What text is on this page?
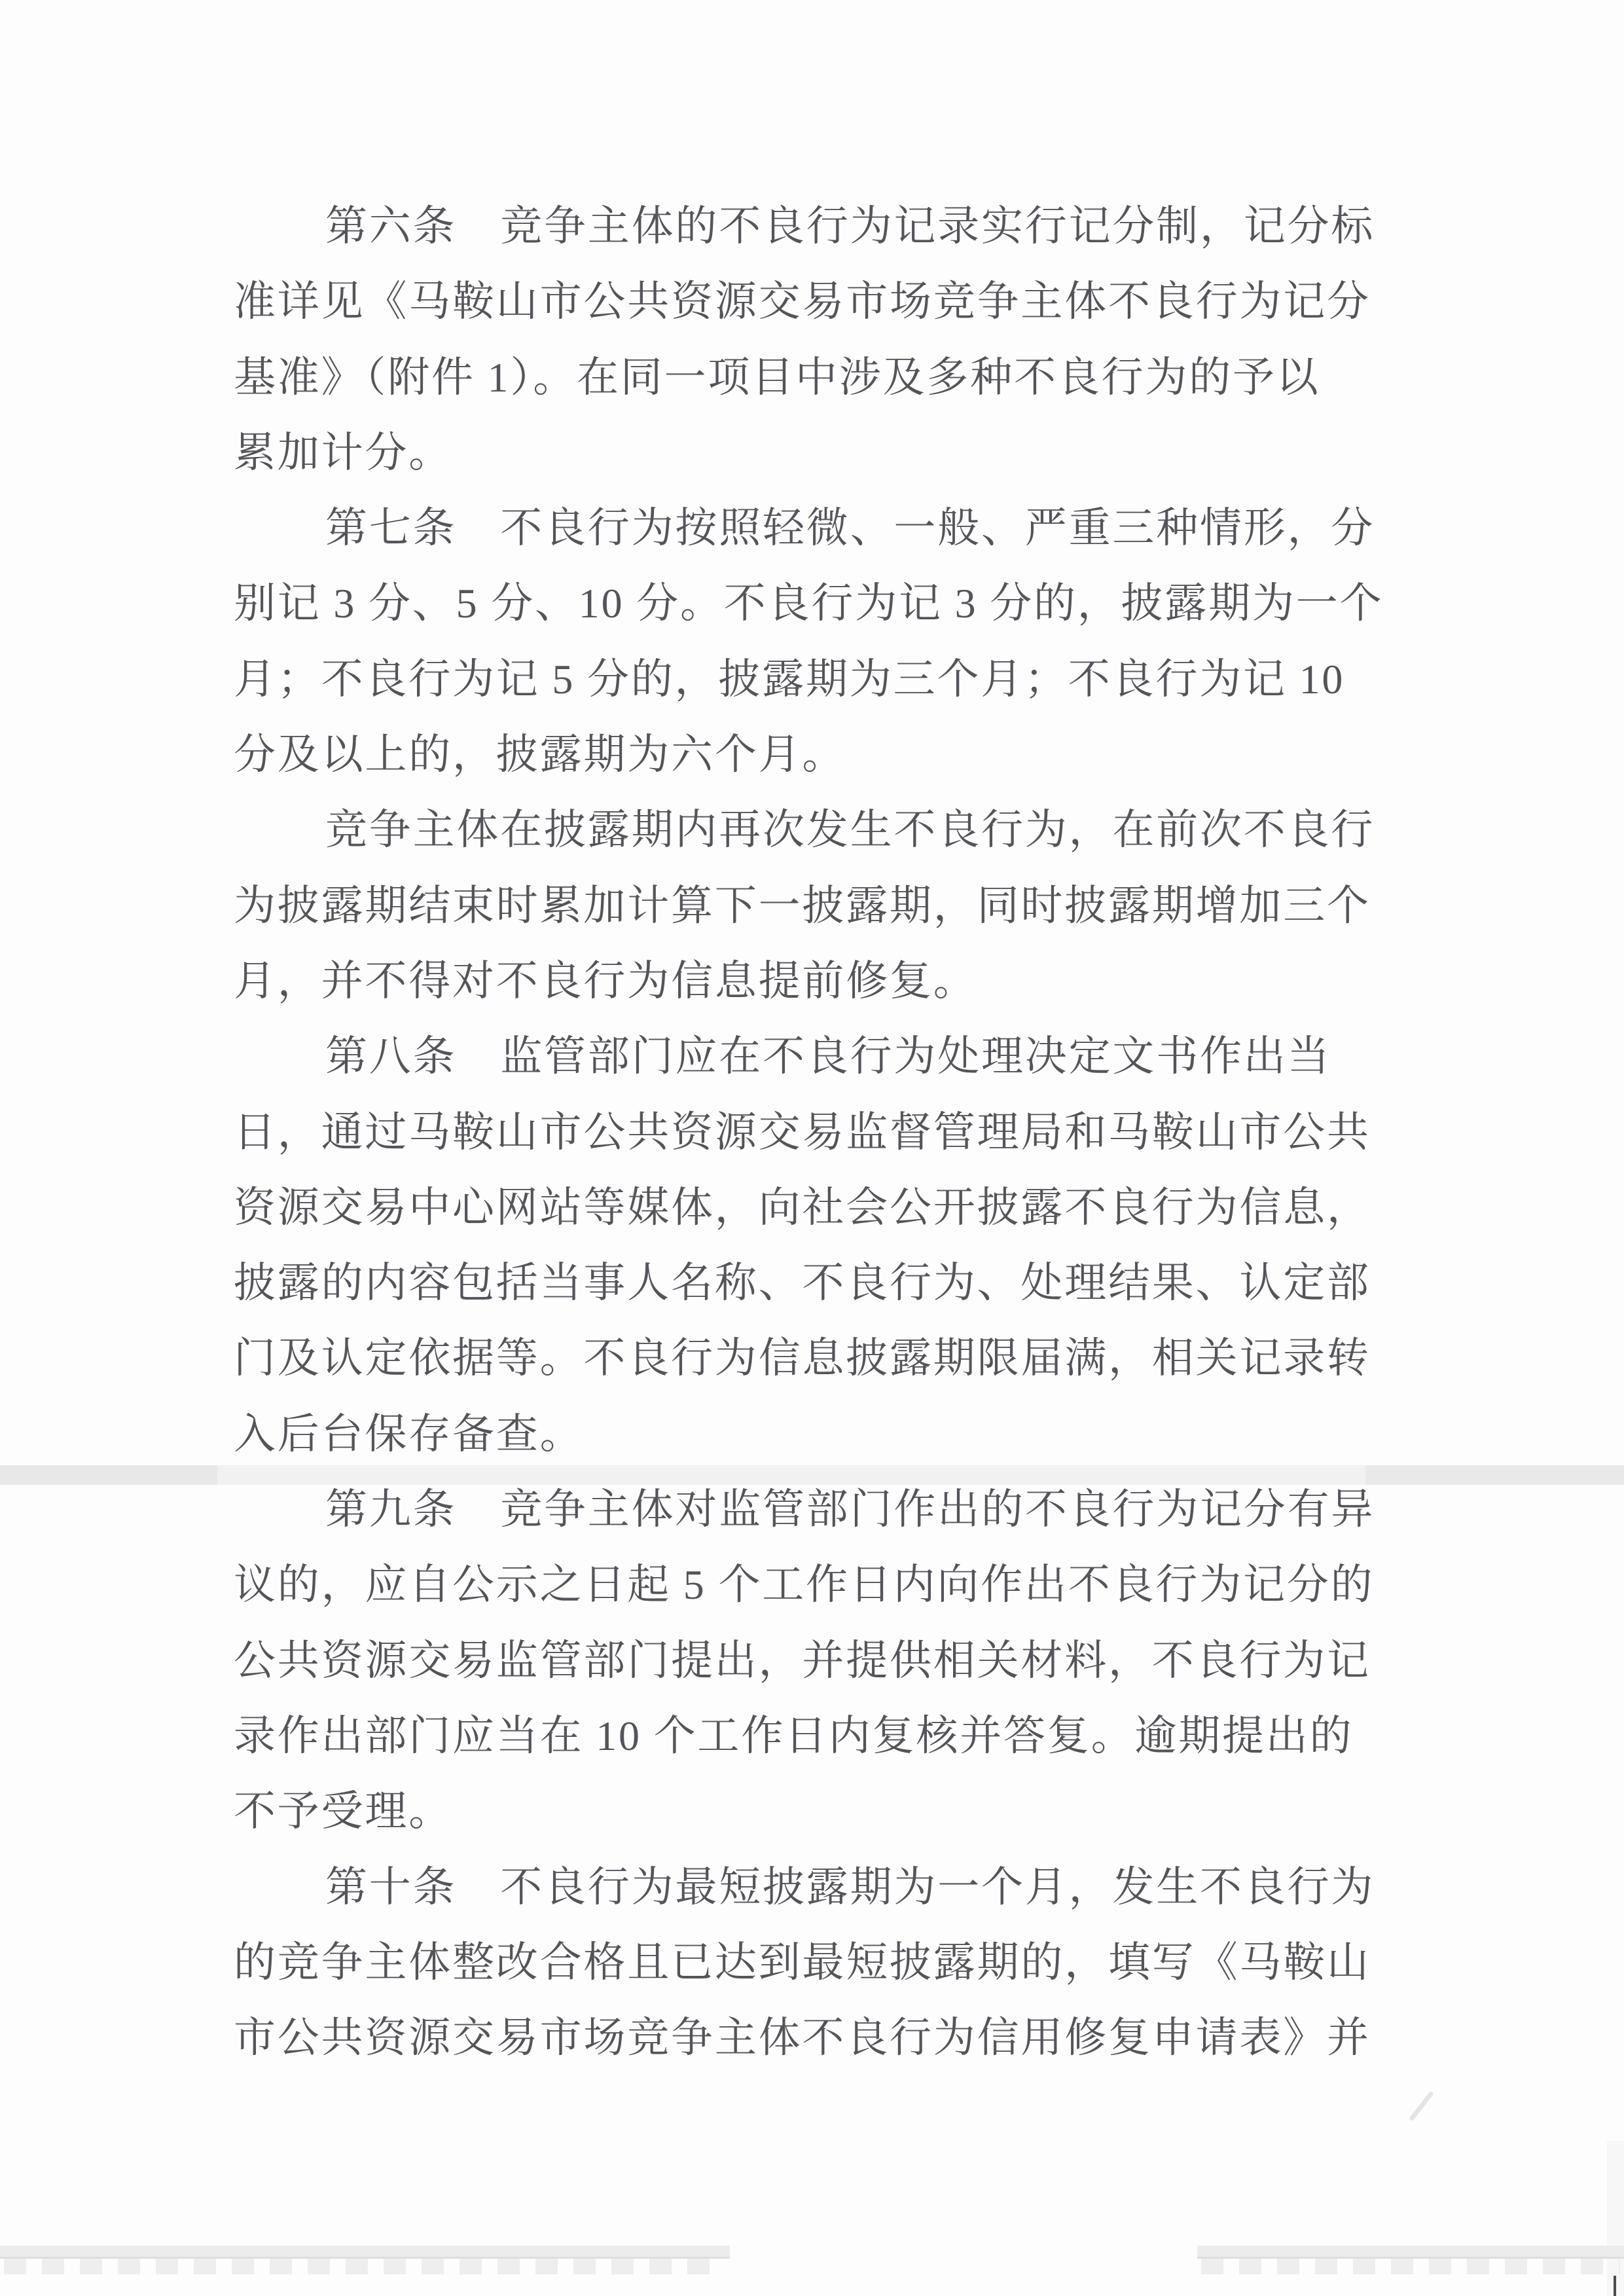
第六条　竞争主体的不良行为记录实行记分制，记分标
准详见《马鞍山市公共资源交易市场竞争主体不良行为记分
基准》（附件 1）。在同一项目中涉及多种不良行为的予以
累加计分。
第七条　不良行为按照轻微、一般、严重三种情形，分
别记 3 分、5 分、10 分。不良行为记 3 分的，披露期为一个
月；不良行为记 5 分的，披露期为三个月；不良行为记 10
分及以上的，披露期为六个月。
竞争主体在披露期内再次发生不良行为，在前次不良行
为披露期结束时累加计算下一披露期，同时披露期增加三个
月，并不得对不良行为信息提前修复。
第八条　监管部门应在不良行为处理决定文书作出当
日，通过马鞍山市公共资源交易监督管理局和马鞍山市公共
资源交易中心网站等媒体，向社会公开披露不良行为信息，
披露的内容包括当事人名称、不良行为、处理结果、认定部
门及认定依据等。不良行为信息披露期限届满，相关记录转
入后台保存备查。
第九条　竞争主体对监管部门作出的不良行为记分有异
议的，应自公示之日起 5 个工作日内向作出不良行为记分的
公共资源交易监管部门提出，并提供相关材料，不良行为记
录作出部门应当在 10 个工作日内复核并答复。逾期提出的
不予受理。
第十条　不良行为最短披露期为一个月，发生不良行为
的竞争主体整改合格且已达到最短披露期的，填写《马鞍山
市公共资源交易市场竞争主体不良行为信用修复申请表》并
